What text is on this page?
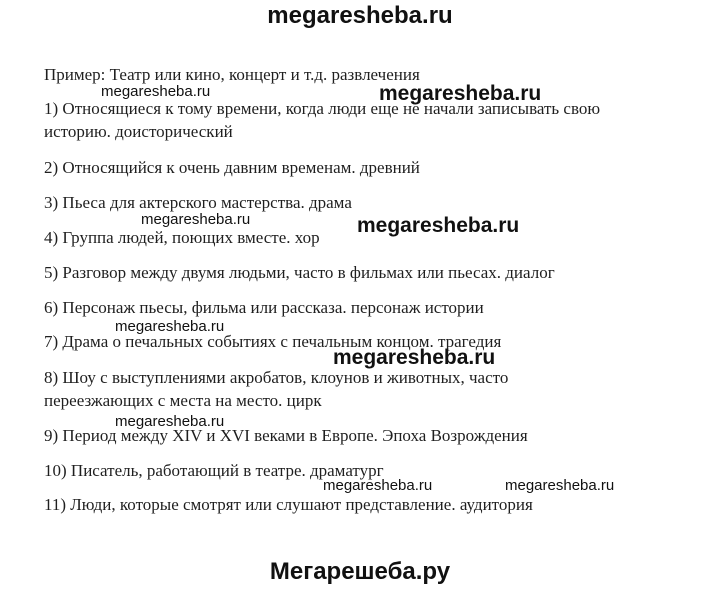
megaresheba.ru
Пример: Театр или кино, концерт и т.д. развлечения
1) Относящиеся к тому времени, когда люди еще не начали записывать свою
историю. доисторический
2) Относящийся к очень давним временам. древний
3) Пьеса для актерского мастерства. драма
4) Группа людей, поющих вместе. хор
5) Разговор между двумя людьми, часто в фильмах или пьесах. диалог
6) Персонаж пьесы, фильма или рассказа. персонаж истории
7) Драма о печальных событиях с печальным концом. трагедия
8) Шоу с выступлениями акробатов, клоунов и животных, часто
переезжающих с места на место. цирк
9) Период между XIV и XVI веками в Европе. Эпоха Возрождения
10) Писатель, работающий в театре. драматург
11) Люди, которые смотрят или слушают представление. аудитория
megaresheba.ru
megaresheba.ru
megaresheba.ru	megaresheba.ru
megaresheba.ru
megaresheba.ru
megaresheba.ru
megaresheba.ru	megaresheba.ru
Мегарешеба.ру
